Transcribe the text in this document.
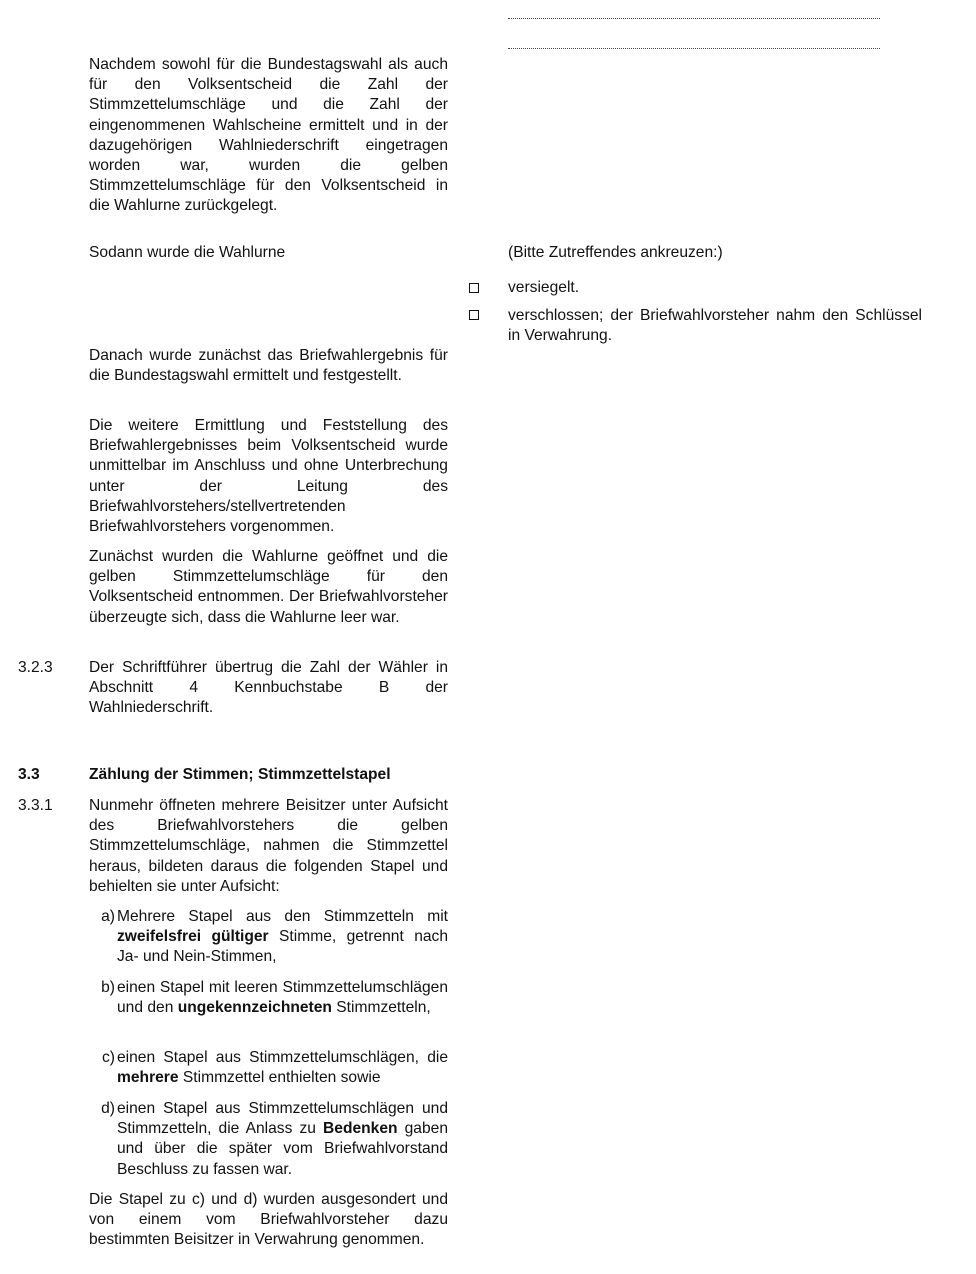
Nachdem sowohl für die Bundestagswahl als auch für den Volksentscheid die Zahl der Stimmzettelumschläge und die Zahl der eingenommenen Wahlscheine ermittelt und in der dazugehörigen Wahlniederschrift eingetragen worden war, wurden die gelben Stimmzettelumschläge für den Volksentscheid in die Wahlurne zurückgelegt.

Sodann wurde die Wahlurne	(Bitte Zutreffendes ankreuzen:)

versiegelt.

verschlossen; der Briefwahlvorsteher nahm den Schlüssel in Verwahrung.

Danach wurde zunächst das Briefwahlergebnis für die Bundestagswahl ermittelt und festgestellt.

Die weitere Ermittlung und Feststellung des Briefwahlergebnisses beim Volksentscheid wurde unmittelbar im Anschluss und ohne Unterbrechung unter der Leitung des Briefwahlvorstehers/stellvertretenden Briefwahlvorstehers vorgenommen.

Zunächst wurden die Wahlurne geöffnet und die gelben Stimmzettelumschläge für den Volksentscheid entnommen. Der Briefwahlvorsteher überzeugte sich, dass die Wahlurne leer war.

3.2.3 Der Schriftführer übertrug die Zahl der Wähler in Abschnitt 4 Kennbuchstabe B der Wahlniederschrift.

3.3	Zählung der Stimmen; Stimmzettelstapel

3.3.1 Nunmehr öffneten mehrere Beisitzer unter Aufsicht des Briefwahlvorstehers die gelben Stimmzettelumschläge, nahmen die Stimmzettel heraus, bildeten daraus die folgenden Stapel und behielten sie unter Aufsicht:

a) Mehrere Stapel aus den Stimmzetteln mit zweifelsfrei gültiger Stimme, getrennt nach Ja- und Nein-Stimmen,
b) einen Stapel mit leeren Stimmzettelumschlägen und den ungekennzeichneten Stimmzetteln,
c) einen Stapel aus Stimmzettelumschlägen, die mehrere Stimmzettel enthielten sowie
d) einen Stapel aus Stimmzettelumschlägen und Stimmzetteln, die Anlass zu Bedenken gaben und über die später vom Briefwahlvorstand Beschluss zu fassen war.

Die Stapel zu c) und d) wurden ausgesondert und von einem vom Briefwahlvorsteher dazu bestimmten Beisitzer in Verwahrung genommen.
